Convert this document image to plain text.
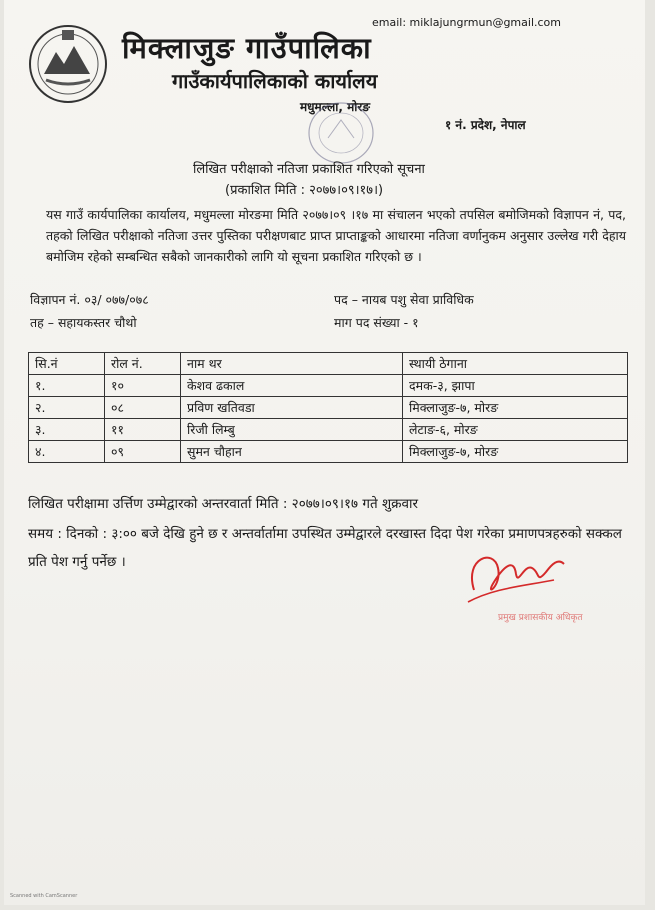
email: miklajungrmun@gmail.com
मिक्लाजुङ गाउँपालिका
गाउँकार्यपालिकाको कार्यालय
मधुमल्ला, मोरङ
१ नं. प्रदेश, नेपाल
लिखित परीक्षाको नतिजा प्रकाशित गरिएको सूचना
(प्रकाशित मिति : २०७७।०९।१७।)
यस गाउँ कार्यपालिका कार्यालय, मधुमल्ला मोरङमा मिति २०७७।०९ ।१७ मा संचालन भएको तपसिल बमोजिमको विज्ञापन नं, पद, तहको लिखित परीक्षाको नतिजा उत्तर पुस्तिका परीक्षणबाट प्राप्त प्राप्ताङ्कको आधारमा नतिजा वर्णानुकम अनुसार उल्लेख गरी देहाय बमोजिम रहेको सम्बन्धित सबैको जानकारीको लागि यो सूचना प्रकाशित गरिएको छ ।
विज्ञापन नं. ०३/ ०७७/०७८	पद – नायब पशु सेवा प्राविधिक
तह – सहायकस्तर चौथो	माग पद संख्या - १
सि.नं	रोल नं.	नाम थर	स्थायी ठेगाना
१.	१०	केशव ढकाल	दमक-३, झापा
२.	०८	प्रविण खतिवडा	मिक्लाजुङ-७, मोरङ
३.	११	रिजी लिम्बु	लेटाङ-६, मोरङ
४.	०९	सुमन चौहान	मिक्लाजुङ-७, मोरङ
लिखित परीक्षामा उर्त्तिण उम्मेद्वारको अन्तरवार्ता मिति : २०७७।०९।१७ गते शुक्रवार
समय : दिनको : ३:०० बजे देखि हुने छ र अन्तर्वार्तामा उपस्थित उम्मेद्वारले दरखास्त दिदा पेश गरेका प्रमाणपत्रहरुको सक्कल प्रति पेश गर्नु पर्नेछ ।
प्रमुख प्रशासकीय अधिकृत
Scanned with CamScanner
